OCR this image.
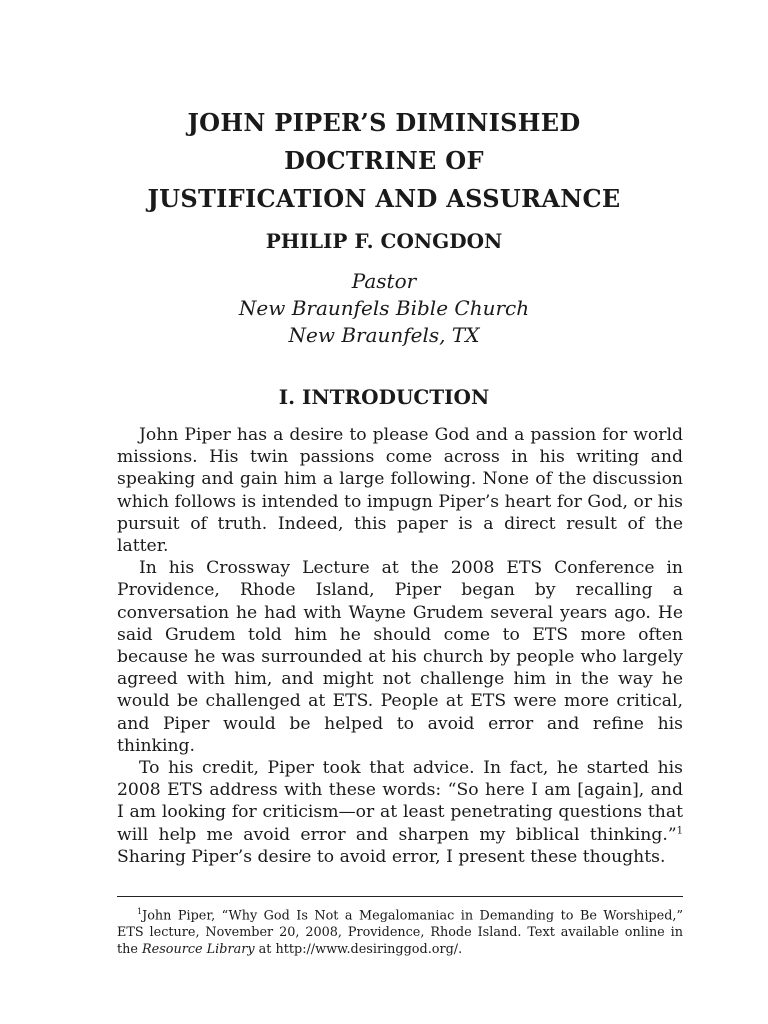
JOHN PIPER’S DIMINISHED
DOCTRINE OF
JUSTIFICATION AND ASSURANCE
PHILIP F. CONGDON
Pastor
New Braunfels Bible Church
New Braunfels, TX
I. INTRODUCTION

John Piper has a desire to please God and a passion for world missions. His twin passions come across in his writing and speaking and gain him a large following. None of the discussion which follows is intended to impugn Piper’s heart for God, or his pursuit of truth. Indeed, this paper is a direct result of the latter.

In his Crossway Lecture at the 2008 ETS Conference in Providence, Rhode Island, Piper began by recalling a conversation he had with Wayne Grudem several years ago. He said Grudem told him he should come to ETS more often because he was surrounded at his church by people who largely agreed with him, and might not challenge him in the way he would be challenged at ETS. People at ETS were more critical, and Piper would be helped to avoid error and refine his thinking.

To his credit, Piper took that advice. In fact, he started his 2008 ETS address with these words: “So here I am [again], and I am looking for criticism—or at least penetrating questions that will help me avoid error and sharpen my biblical thinking.”$^1$ Sharing Piper’s desire to avoid error, I present these thoughts.

$^1$John Piper, “Why God Is Not a Megalomaniac in Demanding to Be Worshiped,” ETS lecture, November 20, 2008, Providence, Rhode Island. Text available online in the Resource Library at http://www.desiringgod.org/.
